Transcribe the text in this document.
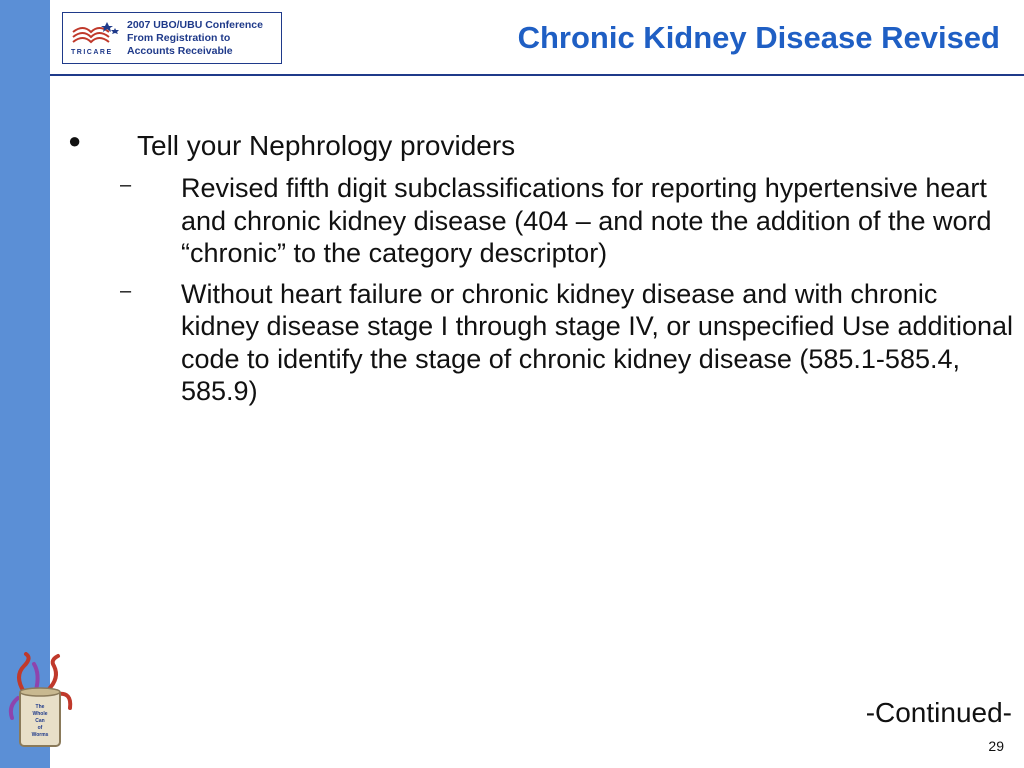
TRICARE
2007 UBO/UBU Conference
From Registration to
Accounts Receivable	Chronic Kidney Disease Revised
● Tell your Nephrology providers
– Revised fifth digit subclassifications for reporting hypertensive heart and chronic kidney disease (404 – and note the addition of the word “chronic” to the category descriptor)
– Without heart failure or chronic kidney disease and with chronic kidney disease stage I through stage IV, or unspecified Use additional code to identify the stage of chronic kidney disease (585.1-585.4, 585.9)
The
Whole
Can
of
Worms
-Continued-
29
